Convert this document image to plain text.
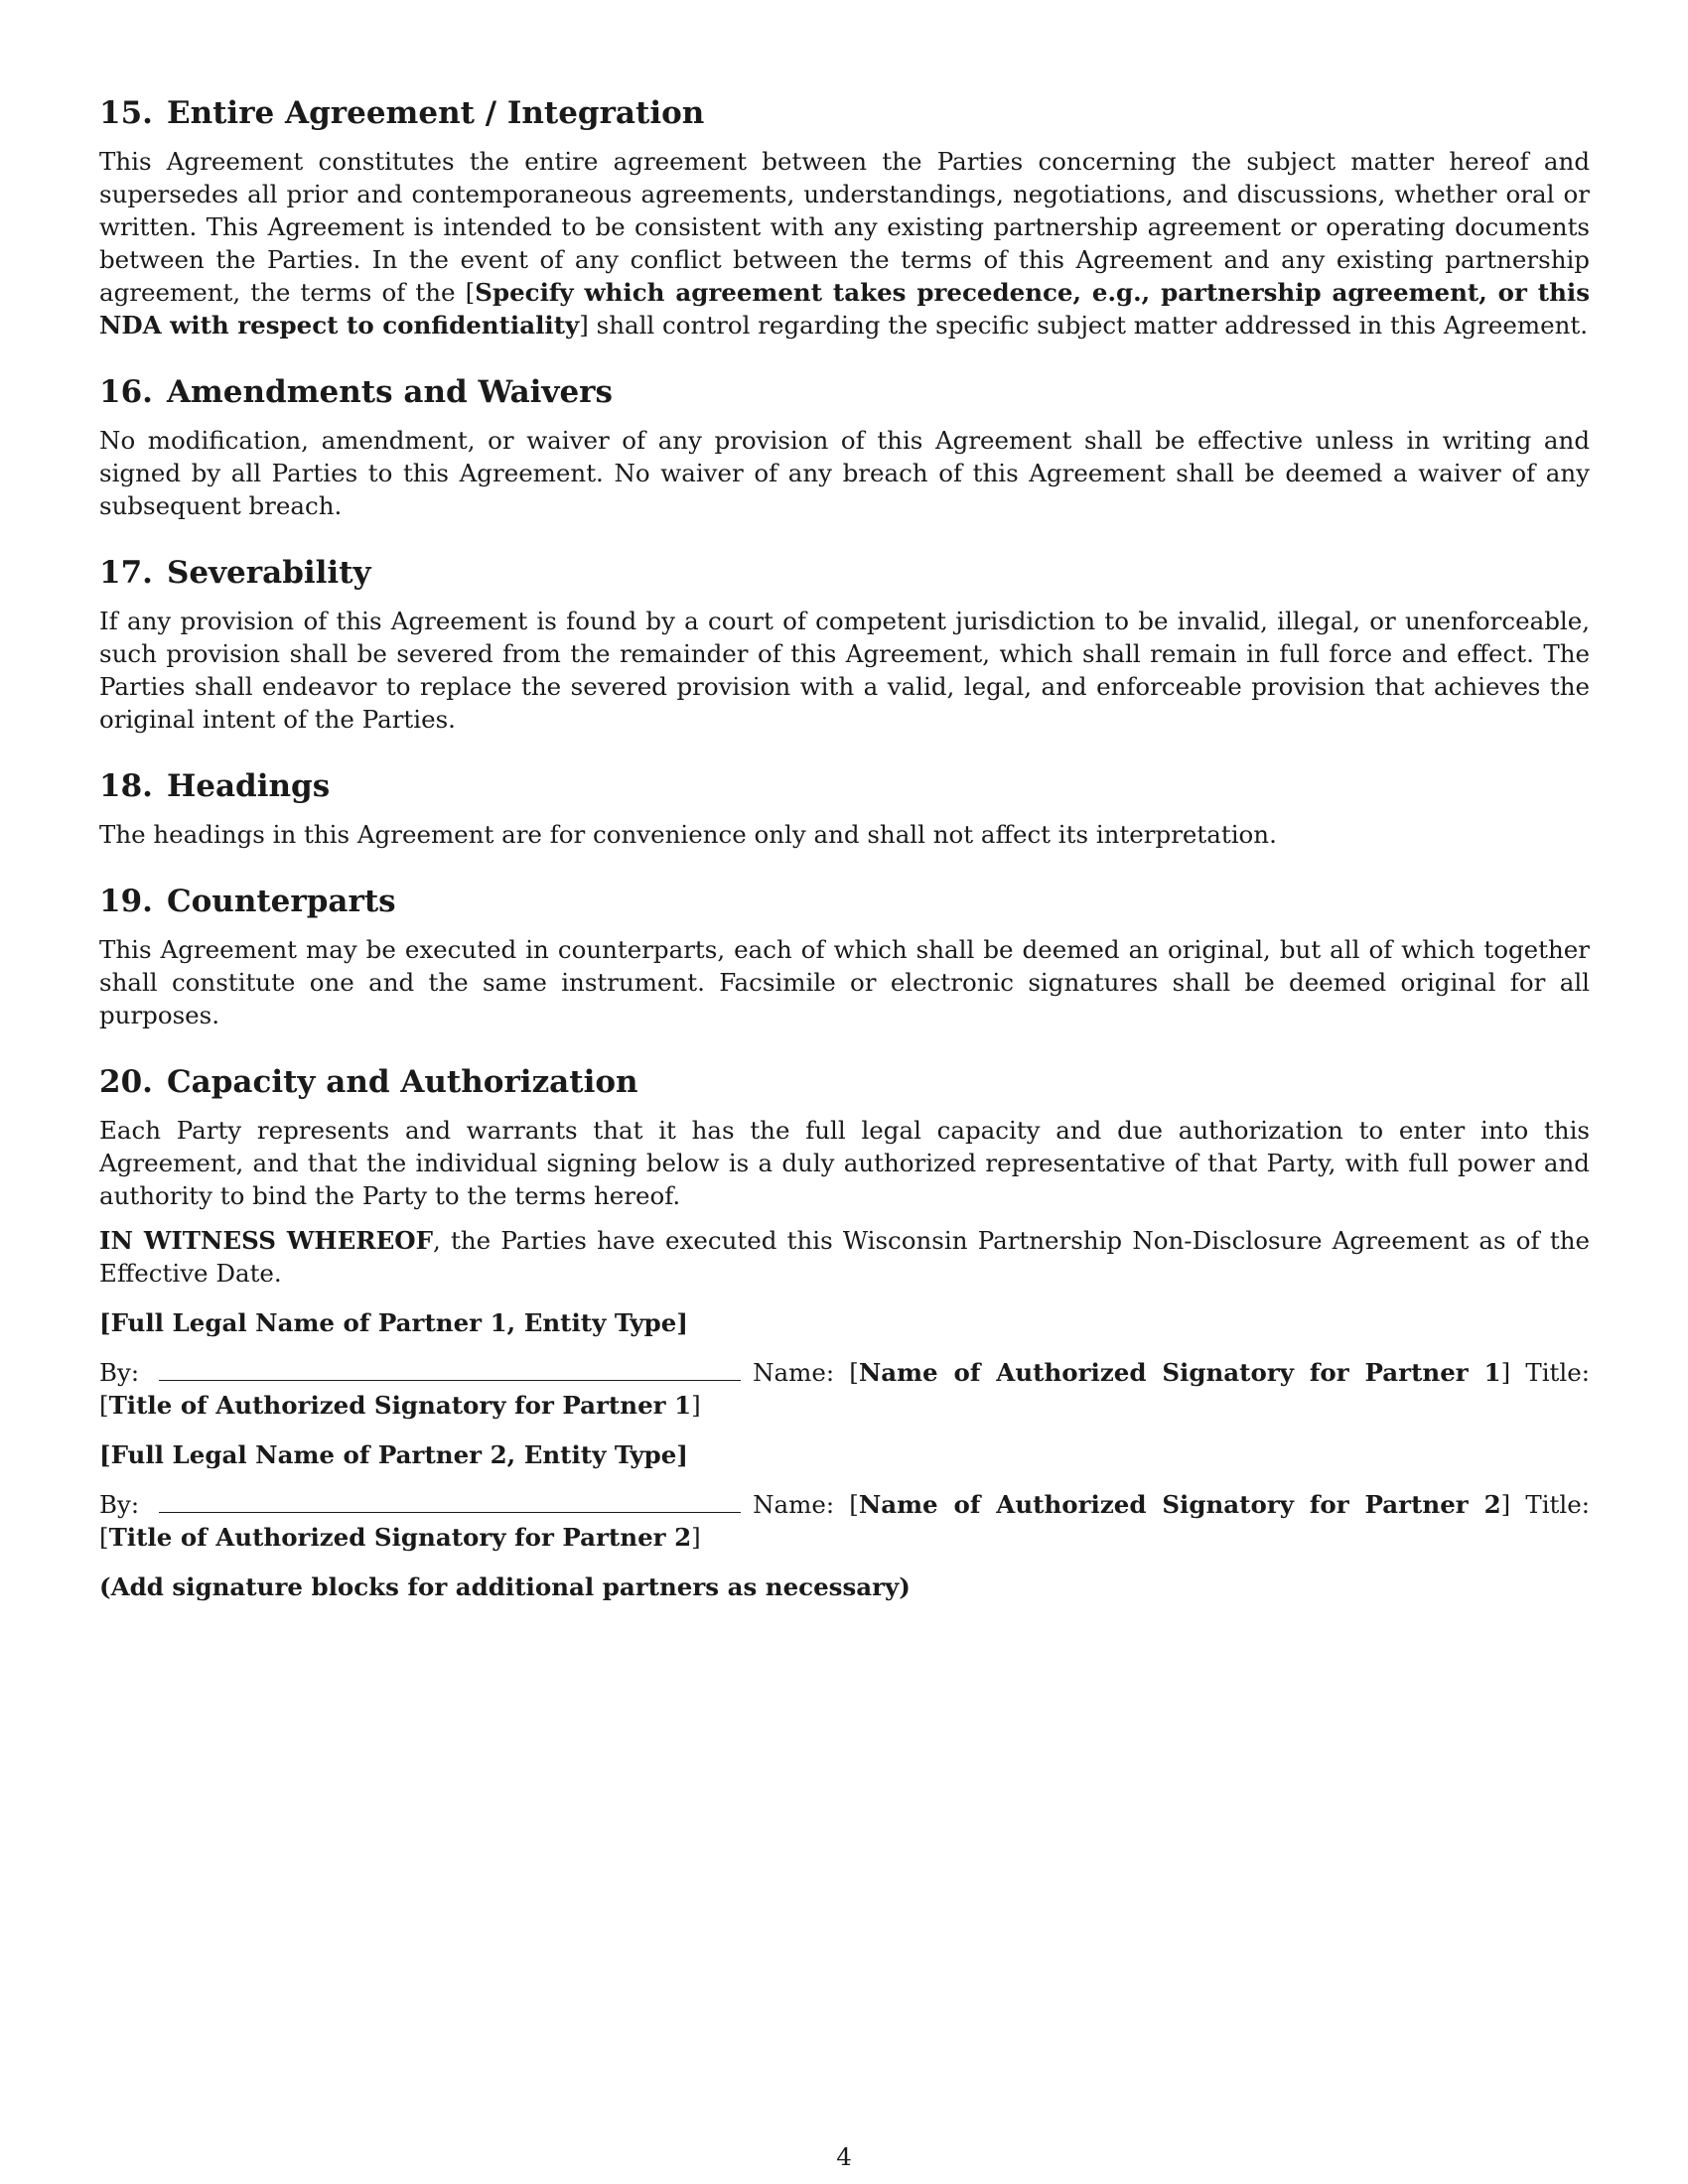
15. Entire Agreement / Integration

This Agreement constitutes the entire agreement between the Parties concerning the subject matter hereof and supersedes all prior and contemporaneous agreements, understandings, negotiations, and discussions, whether oral or written. This Agreement is intended to be consistent with any existing partnership agreement or operating documents between the Parties. In the event of any conflict between the terms of this Agreement and any existing partnership agreement, the terms of the [Specify which agreement takes precedence, e.g., partnership agreement, or this NDA with respect to confidentiality] shall control regarding the specific subject matter addressed in this Agreement.

16. Amendments and Waivers

No modification, amendment, or waiver of any provision of this Agreement shall be effective unless in writing and signed by all Parties to this Agreement. No waiver of any breach of this Agreement shall be deemed a waiver of any subsequent breach.

17. Severability

If any provision of this Agreement is found by a court of competent jurisdiction to be invalid, illegal, or unenforceable, such provision shall be severed from the remainder of this Agreement, which shall remain in full force and effect. The Parties shall endeavor to replace the severed provision with a valid, legal, and enforceable provision that achieves the original intent of the Parties.

18. Headings

The headings in this Agreement are for convenience only and shall not affect its interpretation.

19. Counterparts

This Agreement may be executed in counterparts, each of which shall be deemed an original, but all of which together shall constitute one and the same instrument. Facsimile or electronic signatures shall be deemed original for all purposes.

20. Capacity and Authorization

Each Party represents and warrants that it has the full legal capacity and due authorization to enter into this Agreement, and that the individual signing below is a duly authorized representative of that Party, with full power and authority to bind the Party to the terms hereof.

IN WITNESS WHEREOF, the Parties have executed this Wisconsin Partnership Non-Disclosure Agreement as of the Effective Date.

[Full Legal Name of Partner 1, Entity Type]

By:	Name: [Name of Authorized Signatory for Partner 1] Title: [Title of Authorized Signatory for Partner 1]

[Full Legal Name of Partner 2, Entity Type]

By:	Name: [Name of Authorized Signatory for Partner 2] Title: [Title of Authorized Signatory for Partner 2]

(Add signature blocks for additional partners as necessary)
4
